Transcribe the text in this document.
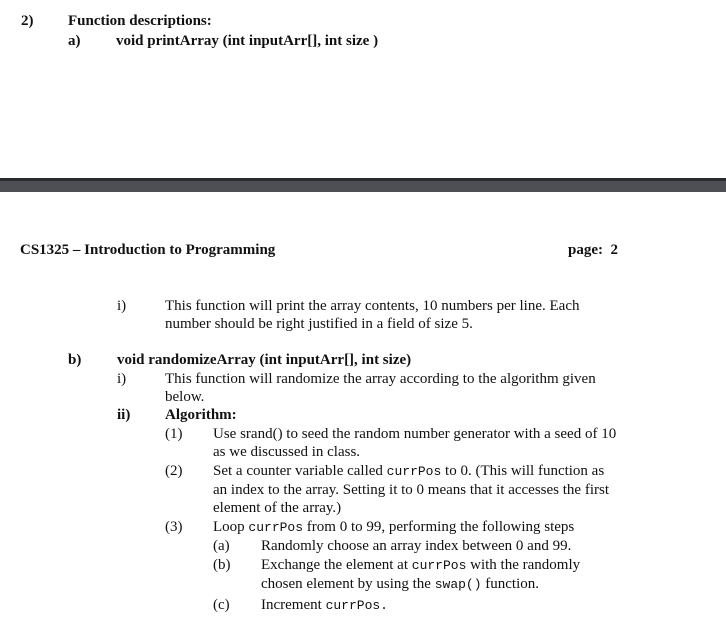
2) Function descriptions:
a) void printArray (int inputArr[], int size )
CS1325 – Introduction to Programming	page: 2
i)	This function will print the array contents, 10 numbers per line. Each
number should be right justified in a field of size 5.
b) void randomizeArray (int inputArr[], int size)
i)	This function will randomize the array according to the algorithm given
below.
ii) Algorithm:
(1) Use srand() to seed the random number generator with a seed of 10
as we discussed in class.
(2) Set a counter variable called currPos to 0. (This will function as
an index to the array. Setting it to 0 means that it accesses the first
element of the array.)
(3) Loop currPos from 0 to 99, performing the following steps
(a) Randomly choose an array index between 0 and 99.
(b) Exchange the element at currPos with the randomly
chosen element by using the swap() function.
(c) Increment currPos.
